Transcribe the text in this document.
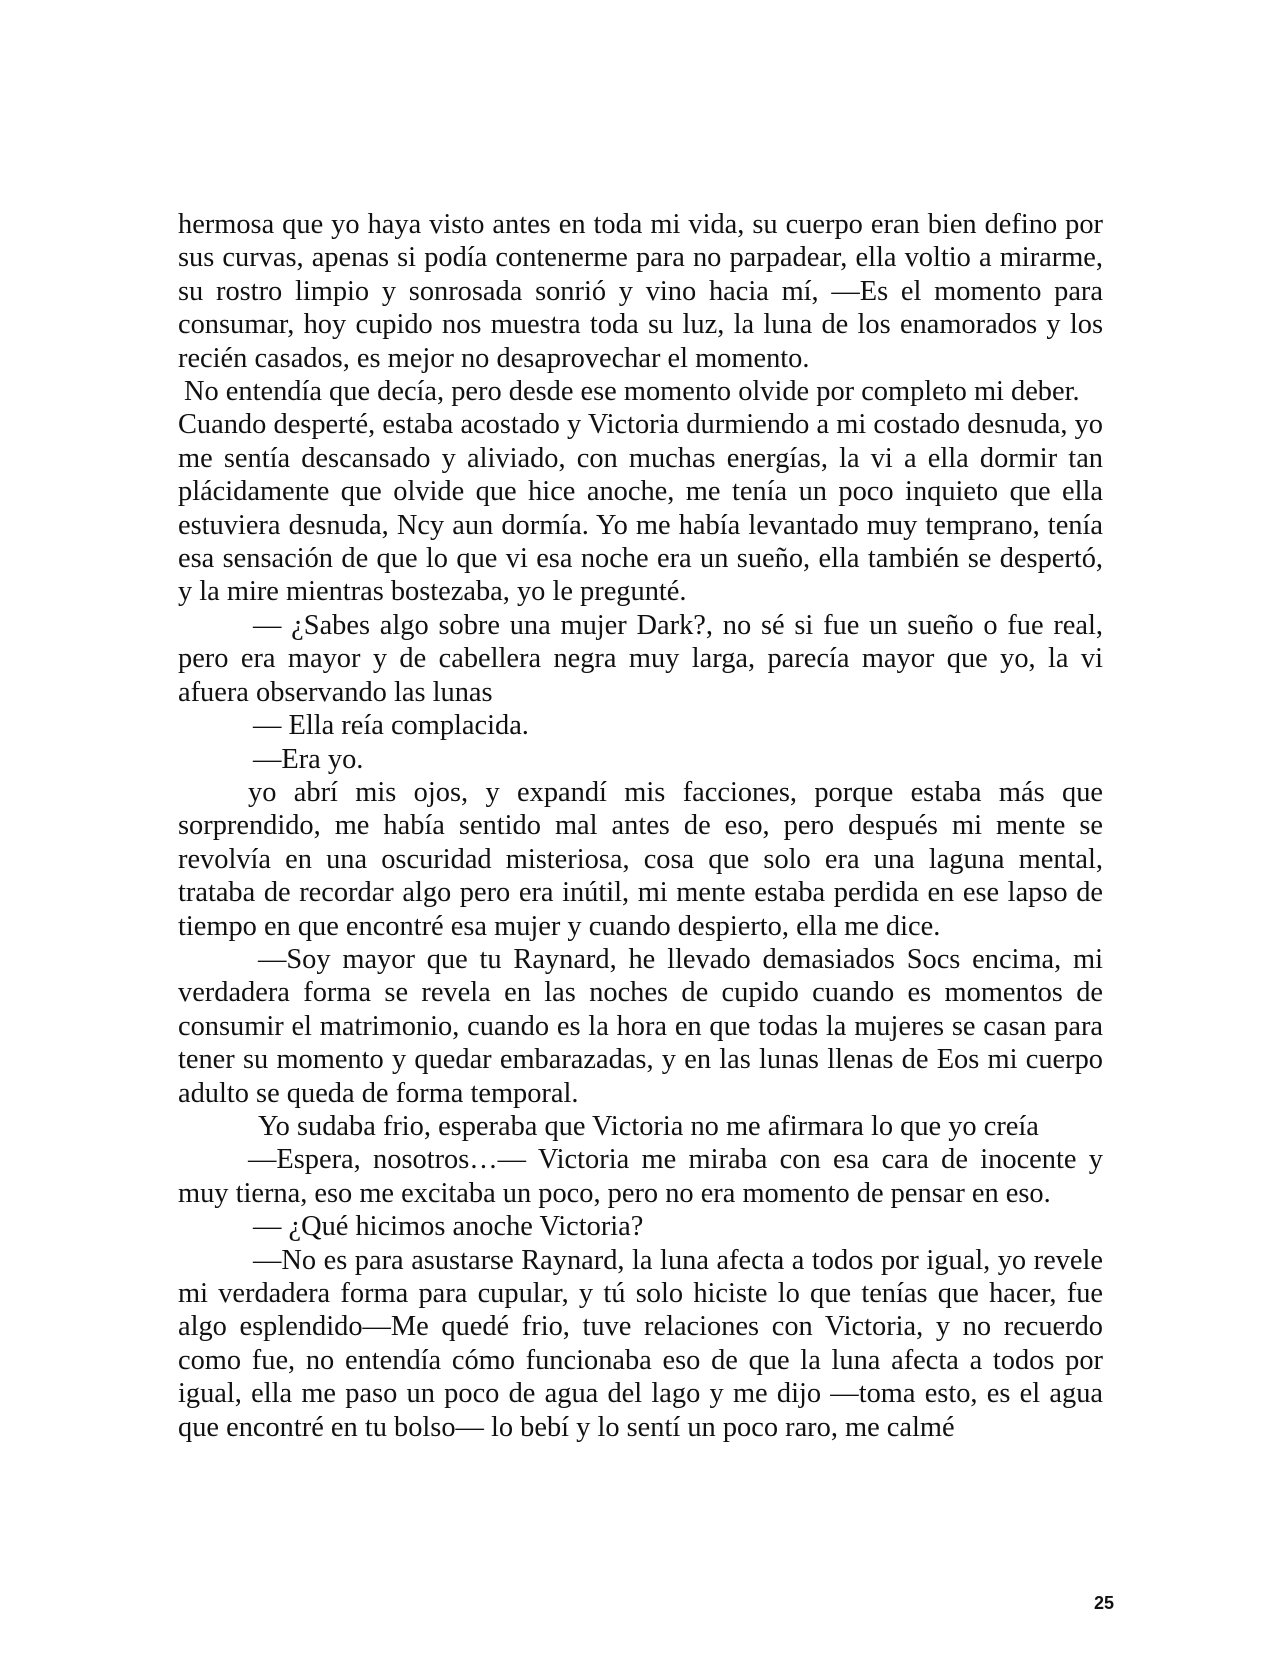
hermosa que yo haya visto antes en toda mi vida, su cuerpo eran bien defino por sus curvas, apenas si podía contenerme para no parpadear, ella voltio a mirarme, su rostro limpio y sonrosada sonrió y vino hacia mí, —Es el momento para consumar, hoy cupido nos muestra toda su luz, la luna de los enamorados y los recién casados, es mejor no desaprovechar el momento.

No entendía que decía, pero desde ese momento olvide por completo mi deber.

Cuando desperté, estaba acostado y Victoria durmiendo a mi costado desnuda, yo me sentía descansado y aliviado, con muchas energías, la vi a ella dormir tan plácidamente que olvide que hice anoche, me tenía un poco inquieto que ella estuviera desnuda, Ncy aun dormía. Yo me había levantado muy temprano, tenía esa sensación de que lo que vi esa noche era un sueño, ella también se despertó, y la mire mientras bostezaba, yo le pregunté.

— ¿Sabes algo sobre una mujer Dark?, no sé si fue un sueño o fue real, pero era mayor y de cabellera negra muy larga, parecía mayor que yo, la vi afuera observando las lunas

— Ella reía complacida.

—Era yo.

yo abrí mis ojos, y expandí mis facciones, porque estaba más que sorprendido, me había sentido mal antes de eso, pero después mi mente se revolvía en una oscuridad misteriosa, cosa que solo era una laguna mental, trataba de recordar algo pero era inútil, mi mente estaba perdida en ese lapso de tiempo en que encontré esa mujer y cuando despierto, ella me dice.

—Soy mayor que tu Raynard, he llevado demasiados Socs encima, mi verdadera forma se revela en las noches de cupido cuando es momentos de consumir el matrimonio, cuando es la hora en que todas la mujeres se casan para tener su momento y quedar embarazadas, y en las lunas llenas de Eos mi cuerpo adulto se queda de forma temporal.

Yo sudaba frio, esperaba que Victoria no me afirmara lo que yo creía

—Espera, nosotros…— Victoria me miraba con esa cara de inocente y muy tierna, eso me excitaba un poco, pero no era momento de pensar en eso.

— ¿Qué hicimos anoche Victoria?

—No es para asustarse Raynard, la luna afecta a todos por igual, yo revele mi verdadera forma para cupular, y tú solo hiciste lo que tenías que hacer, fue algo esplendido—Me quedé frio, tuve relaciones con Victoria, y no recuerdo como fue, no entendía cómo funcionaba eso de que la luna afecta a todos por igual, ella me paso un poco de agua del lago y me dijo —toma esto, es el agua que encontré en tu bolso— lo bebí y lo sentí un poco raro, me calmé

25
